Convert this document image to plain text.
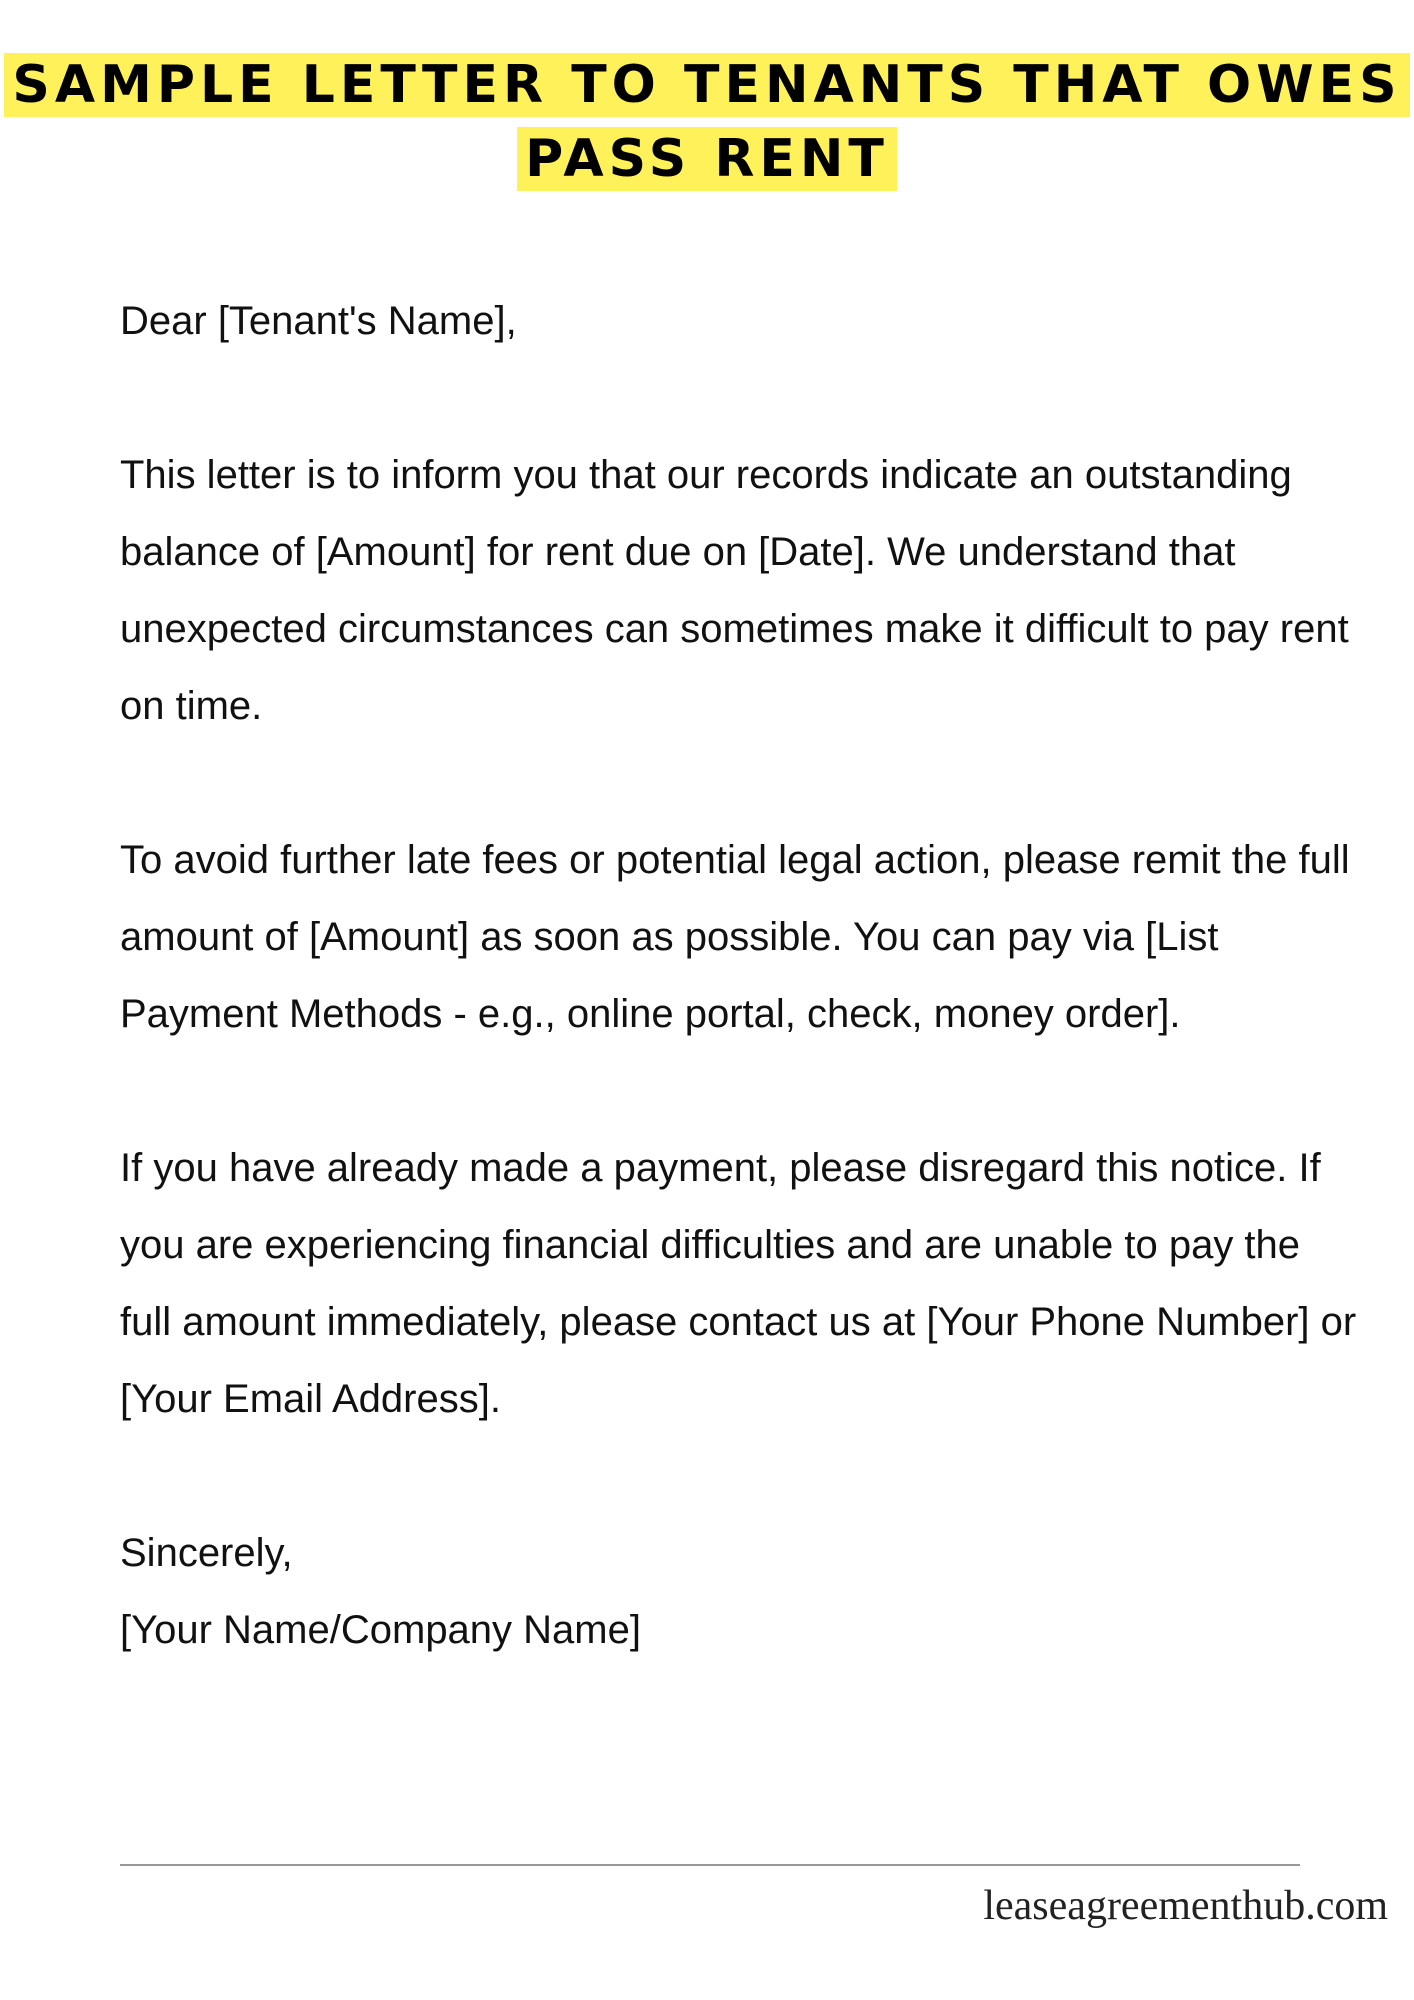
SAMPLE LETTER TO TENANTS THAT OWES PASS RENT

Dear [Tenant's Name],

This letter is to inform you that our records indicate an outstanding balance of [Amount] for rent due on [Date]. We understand that unexpected circumstances can sometimes make it difficult to pay rent on time.

To avoid further late fees or potential legal action, please remit the full amount of [Amount] as soon as possible. You can pay via [List Payment Methods - e.g., online portal, check, money order].

If you have already made a payment, please disregard this notice. If you are experiencing financial difficulties and are unable to pay the full amount immediately, please contact us at [Your Phone Number] or [Your Email Address].

Sincerely,

[Your Name/Company Name]

leaseagreementhub.com
